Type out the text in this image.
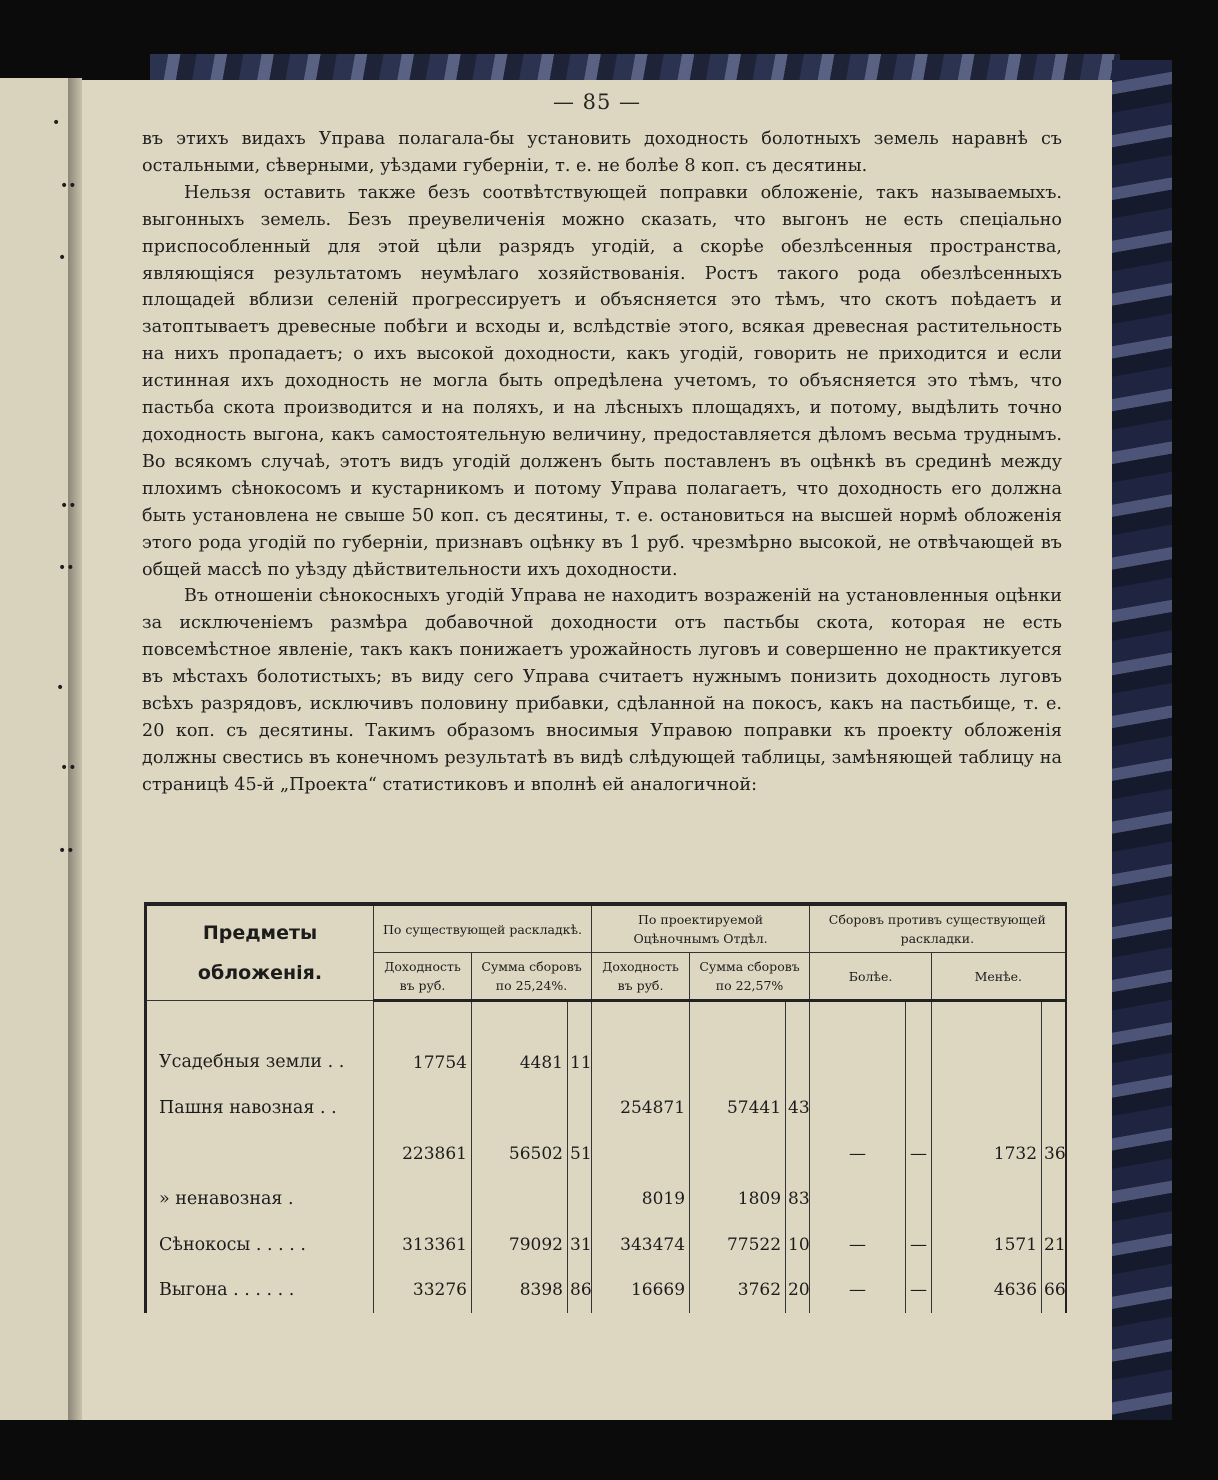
•
••
•
••
••
•
••
••
— 85 —

въ этихъ видахъ Управа полагала-бы установить доходность болотныхъ земель наравнѣ съ остальными, сѣверными, уѣздами губернiи, т. е. не болѣе 8 коп. съ десятины.

Нельзя оставить также безъ соотвѣтствующей поправки обложенiе, такъ называемыхъ. выгонныхъ земель. Безъ преувеличенiя можно сказать, что выгонъ не есть спецiально приспособленный для этой цѣли разрядъ угодiй, а скорѣе обезлѣсенныя пространства, являющiяся результатомъ неумѣлаго хозяйствованiя. Ростъ такого рода обезлѣсенныхъ площадей вблизи селенiй прогрессируетъ и объясняется это тѣмъ, что скотъ поѣдаетъ и затоптываетъ древесные побѣги и всходы и, вслѣдствiе этого, всякая древесная растительность на нихъ пропадаетъ; о ихъ высокой доходности, какъ угодiй, говорить не приходится и если истинная ихъ доходность не могла быть опредѣлена учетомъ, то объясняется это тѣмъ, что пастьба скота производится и на поляхъ, и на лѣсныхъ площадяхъ, и потому, выдѣлить точно доходность выгона, какъ самостоятельную величину, предоставляется дѣломъ весьма труднымъ. Во всякомъ случаѣ, этотъ видъ угодiй долженъ быть поставленъ въ оцѣнкѣ въ срединѣ между плохимъ сѣнокосомъ и кустарникомъ и потому Управа полагаетъ, что доходность его должна быть установлена не свыше 50 коп. съ десятины, т. е. остановиться на высшей нормѣ обложенiя этого рода угодiй по губернiи, признавъ оцѣнку въ 1 руб. чрезмѣрно высокой, не отвѣчающей въ общей массѣ по уѣзду дѣйствительности ихъ доходности.

Въ отношенiи сѣнокосныхъ угодiй Управа не находитъ возраженiй на установленныя оцѣнки за исключенiемъ размѣра добавочной доходности отъ пастьбы скота, которая не есть повсемѣстное явленiе, такъ какъ понижаетъ урожайность луговъ и совершенно не практикуется въ мѣстахъ болотистыхъ; въ виду сего Управа считаетъ нужнымъ понизить доходность луговъ всѣхъ разрядовъ, исключивъ половину прибавки, сдѣланной на покосъ, какъ на пастьбище, т. е. 20 коп. съ десятины. Такимъ образомъ вносимыя Управою поправки къ проекту обложенiя должны свестись въ конечномъ результатѣ въ видѣ слѣдующей таблицы, замѣняющей таблицу на страницѣ 45-й „Проекта“ статистиковъ и вполнѣ ей аналогичной:

Предметы обложенiя.	По существующей раскладкѣ.			По проектируемой Оцѣночнымъ Отдѣл.			Сборовъ противъ существующей раскладки.			
	Доходность въ руб.	Сумма сборовъ по 25,24%.		Доходность въ руб.	Сумма сборовъ по 22,57%		Болѣе.		Менѣе.	
Усадебныя земли . .	17754	4481	11							
Пашня навозная . .				254871	57441	43				
	223861	56502	51				—	—	1732	36
» ненавозная .				8019	1809	83				
Сѣнокосы . . . . .	313361	79092	31	343474	77522	10	—	—	1571	21
Выгона . . . . . .	33276	8398	86	16669	3762	20	—	—	4636	66
